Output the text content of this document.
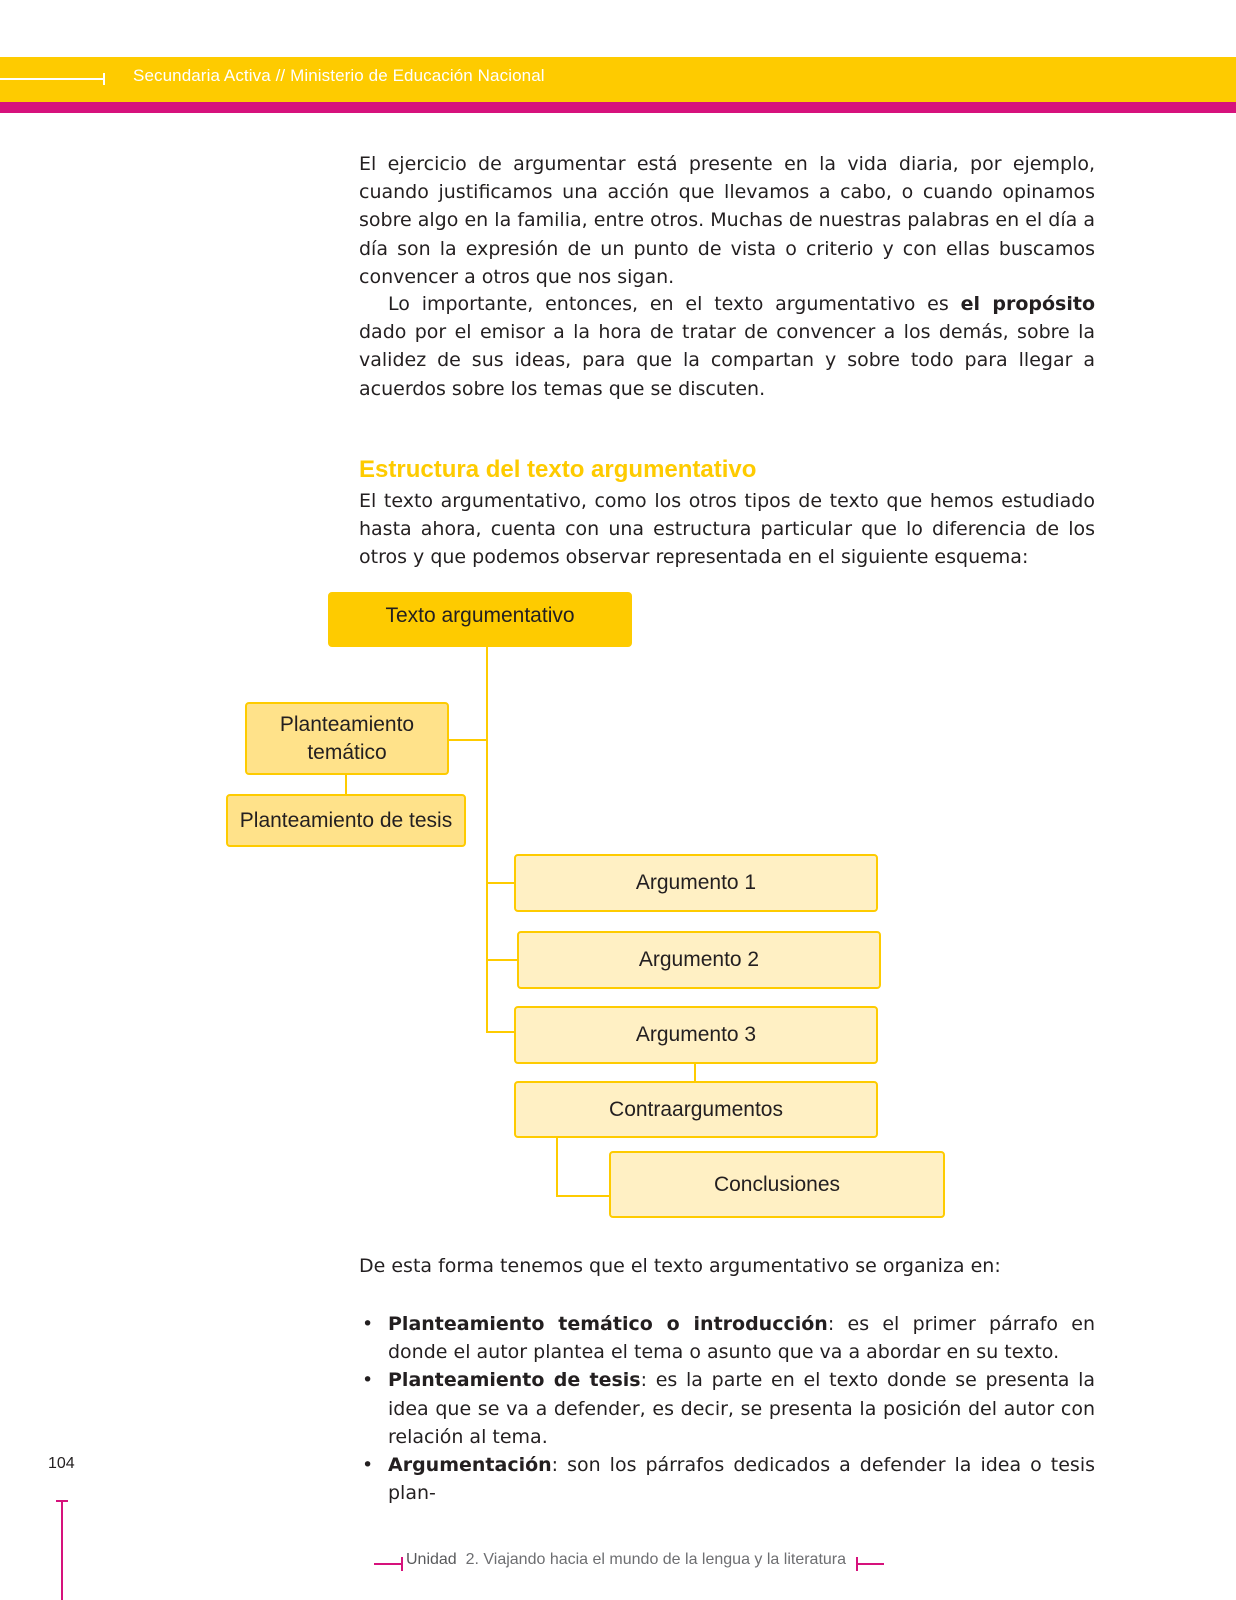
Secundaria Activa // Ministerio de Educación Nacional

El ejercicio de argumentar está presente en la vida diaria, por ejemplo, cuando justificamos una acción que llevamos a cabo, o cuando opinamos sobre algo en la familia, entre otros. Muchas de nuestras palabras en el día a día son la expresión de un punto de vista o criterio y con ellas buscamos convencer a otros que nos sigan.

Lo importante, entonces, en el texto argumentativo es el propósito dado por el emisor a la hora de tratar de convencer a los demás, sobre la validez de sus ideas, para que la compartan y sobre todo para llegar a acuerdos sobre los temas que se discuten.

Estructura del texto argumentativo

El texto argumentativo, como los otros tipos de texto que hemos estudiado hasta ahora, cuenta con una estructura particular que lo diferencia de los otros y que podemos observar representada en el siguiente esquema:

Texto argumentativo
Planteamiento temático
Planteamiento de tesis
Argumento 1
Argumento 2
Argumento 3
Contraargumentos
Conclusiones

De esta forma tenemos que el texto argumentativo se organiza en:

• Planteamiento temático o introducción: es el primer párrafo en donde el autor plantea el tema o asunto que va a abordar en su texto.
• Planteamiento de tesis: es la parte en el texto donde se presenta la idea que se va a defender, es decir, se presenta la posición del autor con relación al tema.
• Argumentación: son los párrafos dedicados a defender la idea o tesis plan-
104
Unidad 2. Viajando hacia el mundo de la lengua y la literatura
